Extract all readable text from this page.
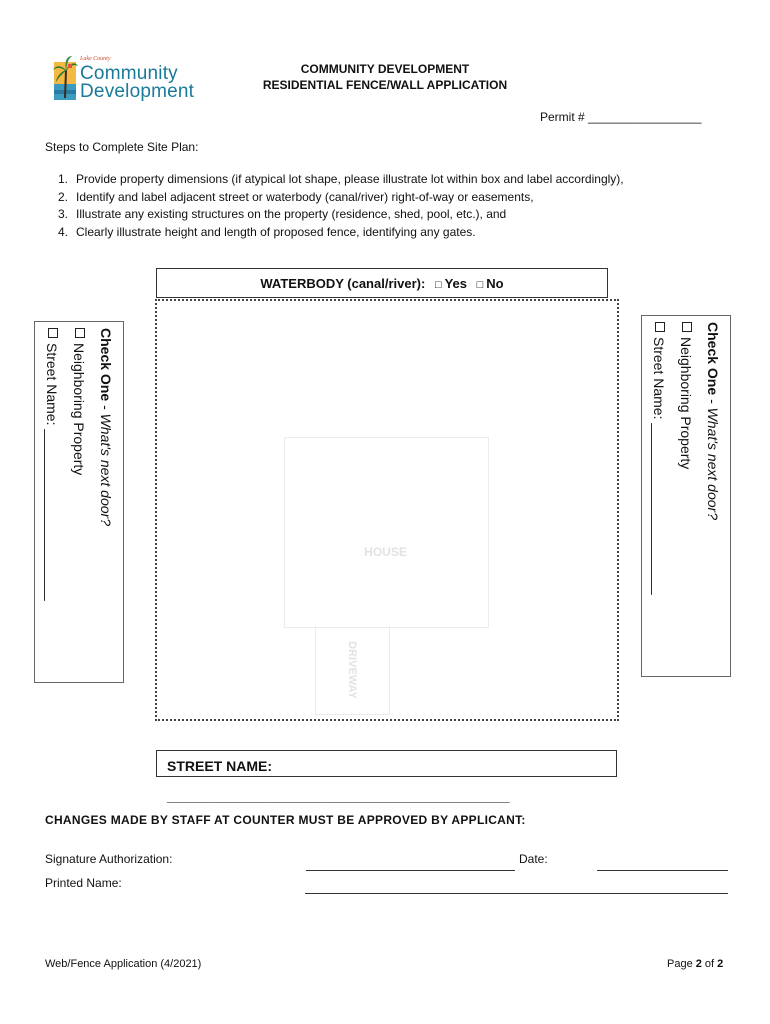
Lake County
Community
Development
COMMUNITY DEVELOPMENT
RESIDENTIAL FENCE/WALL APPLICATION
Permit # _________________
Steps to Complete Site Plan:
1. Provide property dimensions (if atypical lot shape, please illustrate lot within box and label accordingly),
2. Identify and label adjacent street or waterbody (canal/river) right-of-way or easements,
3. Illustrate any existing structures on the property (residence, shed, pool, etc.), and
4. Clearly illustrate height and length of proposed fence, identifying any gates.
WATERBODY (canal/river): □ Yes □ No
HOUSE
DRIVEWAY
Check One - What's next door?
Neighboring Property
Street Name: ______________________	Check One - What's next door?
Neighboring Property
Street Name: ______________________
STREET NAME: ____________________________________________
CHANGES MADE BY STAFF AT COUNTER MUST BE APPROVED BY APPLICANT:
Signature Authorization:	Date:
Printed Name:
Web/Fence Application (4/2021)	Page 2 of 2
